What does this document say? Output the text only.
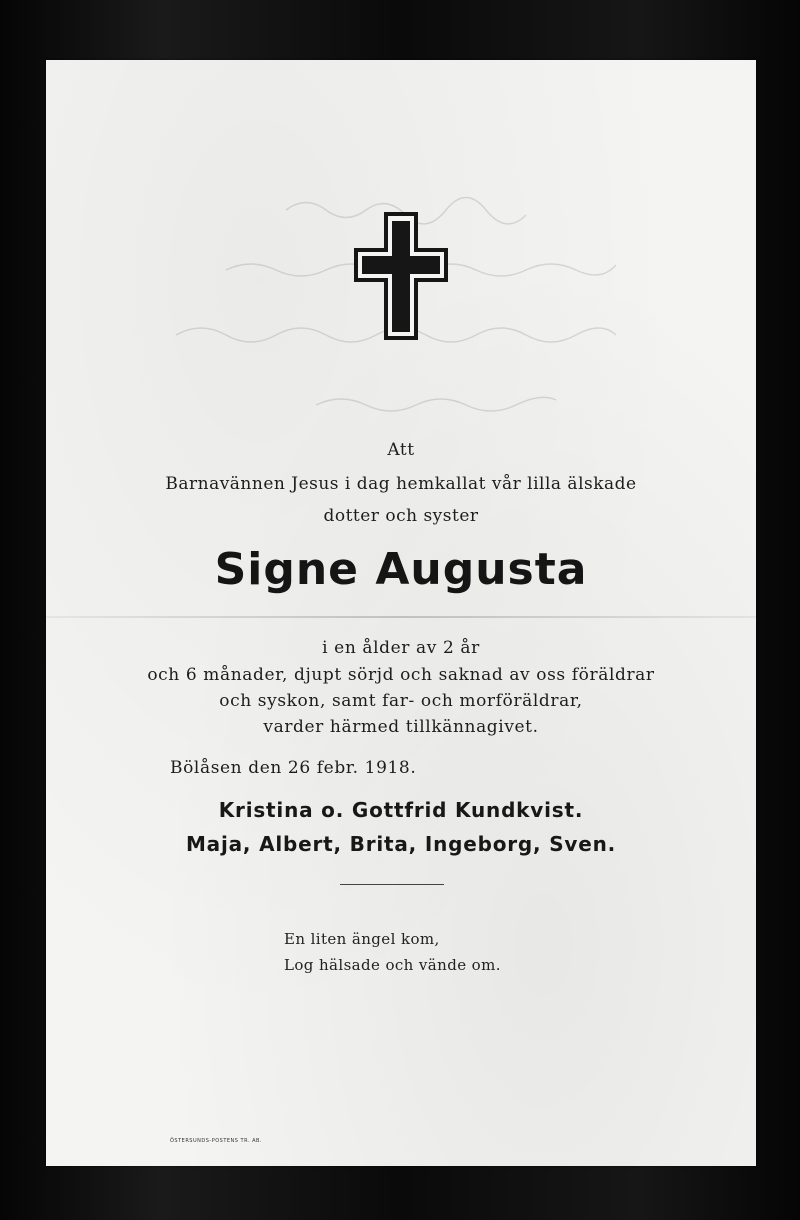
Att
Barnavännen Jesus i dag hemkallat vår lilla älskade
dotter och syster
Signe Augusta
i en ålder av 2 år
och 6 månader, djupt sörjd och saknad av oss föräldrar
och syskon, samt far- och morföräldrar,
varder härmed tillkännagivet.
Bölåsen den 26 febr. 1918.
Kristina o. Gottfrid Kundkvist.
Maja, Albert, Brita, Ingeborg, Sven.
En liten ängel kom,
Log hälsade och vände om.
ÖSTERSUNDS-POSTENS TR. AB.
